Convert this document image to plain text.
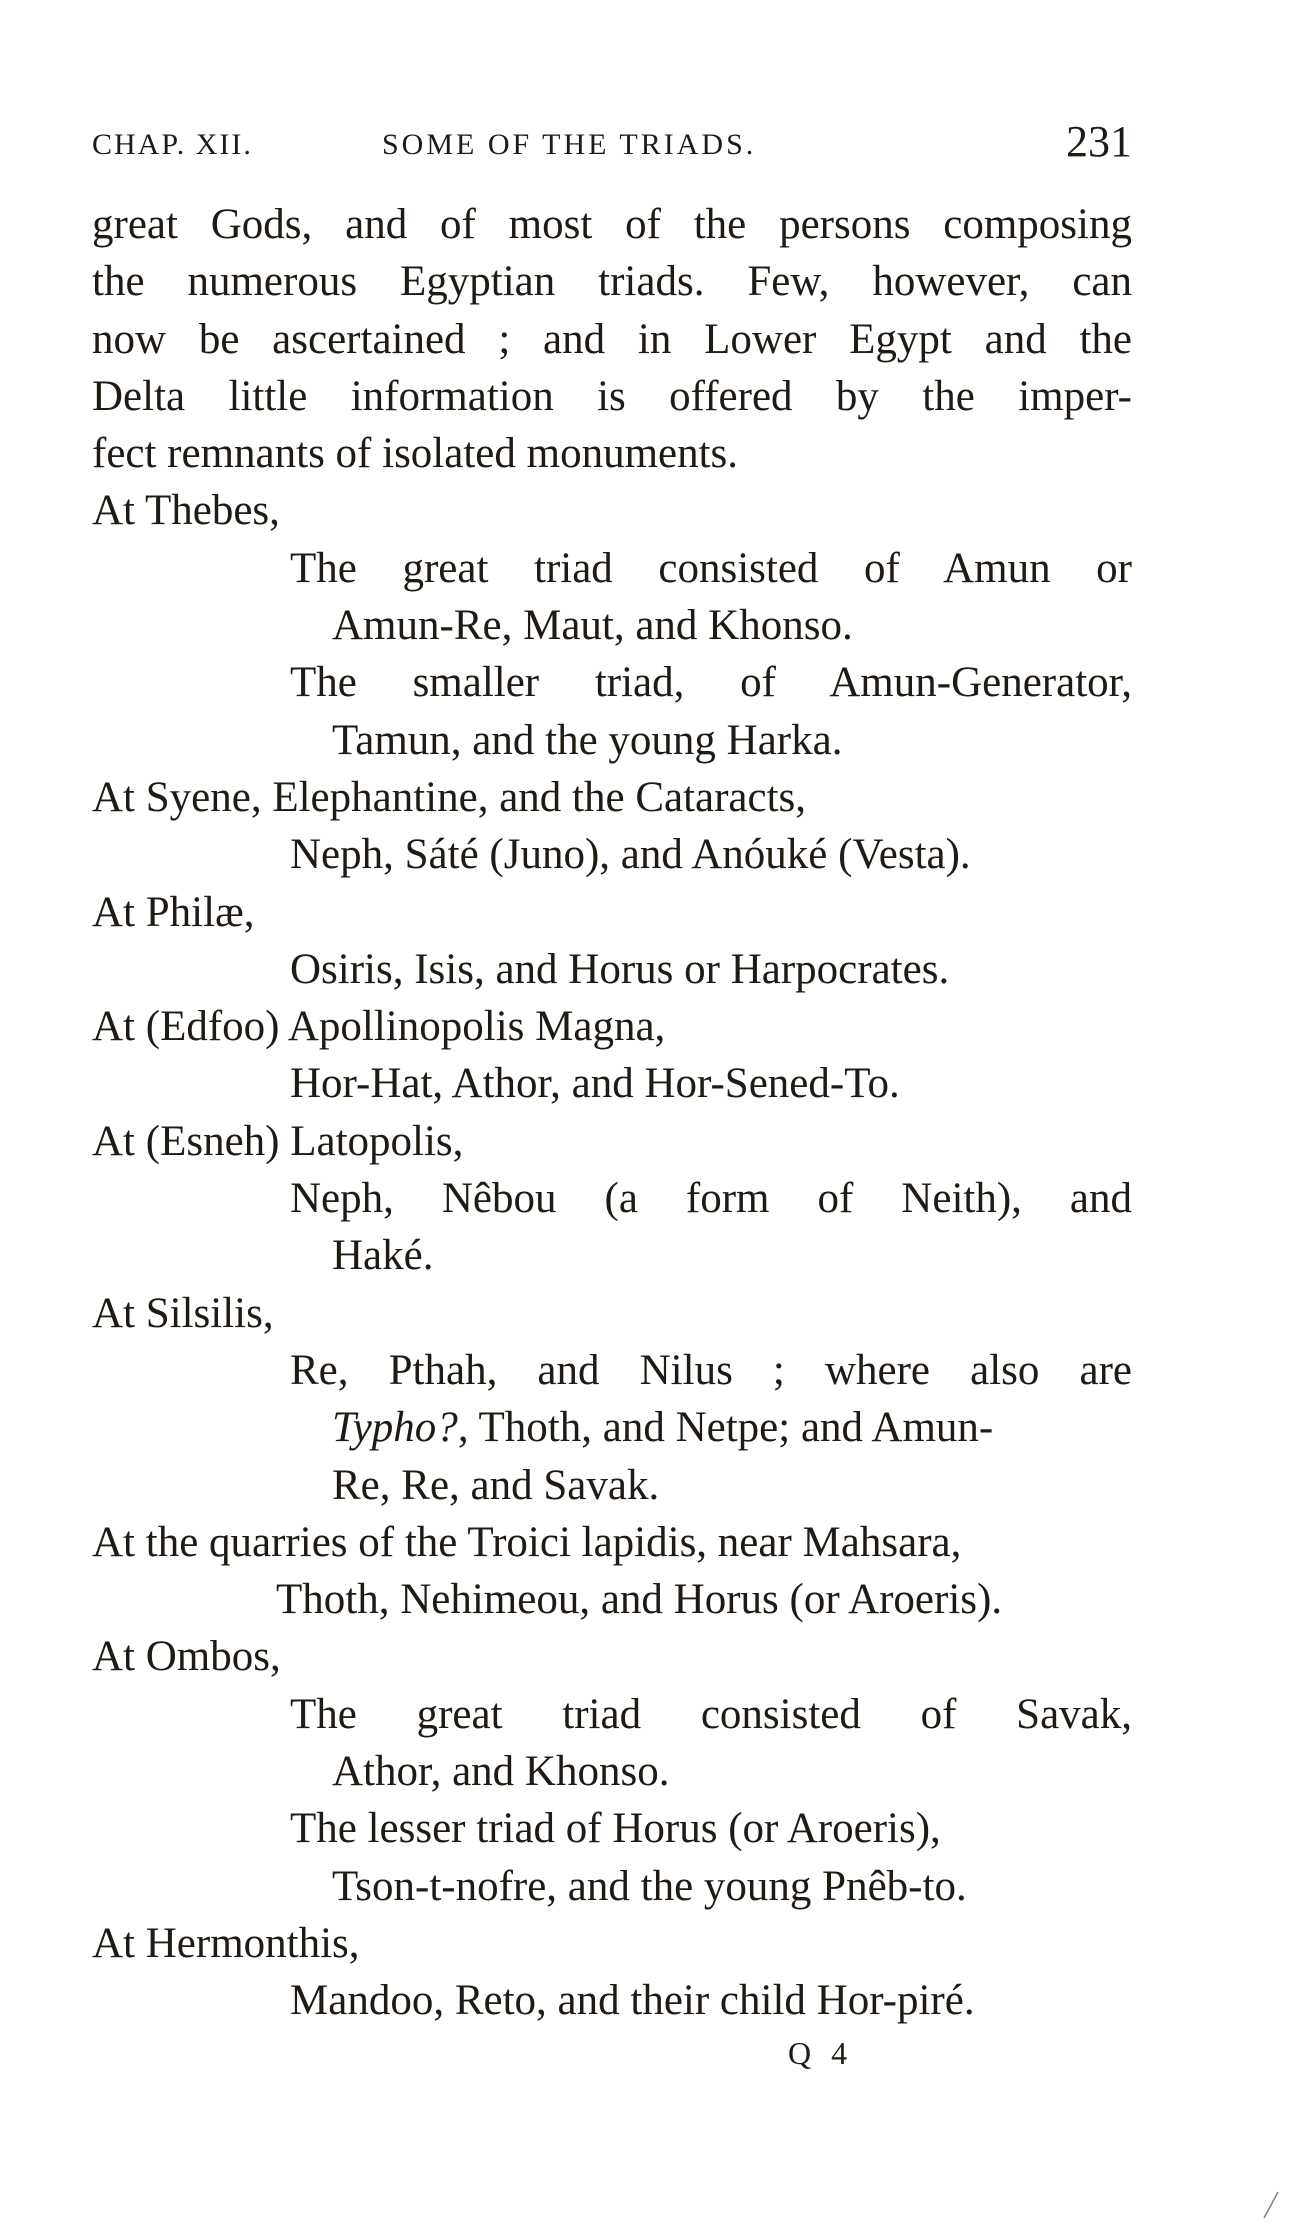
CHAP. XII.	SOME OF THE TRIADS.	231
great Gods, and of most of the persons composing
the numerous Egyptian triads. Few, however, can
now be ascertained ; and in Lower Egypt and the
Delta little information is offered by the imper-
fect remnants of isolated monuments.
At Thebes,
The great triad consisted of Amun or
Amun-Re, Maut, and Khonso.
The smaller triad, of Amun-Generator,
Tamun, and the young Harka.
At Syene, Elephantine, and the Cataracts,
Neph, Sáté (Juno), and Anóuké (Vesta).
At Philæ,
Osiris, Isis, and Horus or Harpocrates.
At (Edfoo) Apollinopolis Magna,
Hor-Hat, Athor, and Hor-Sened-To.
At (Esneh) Latopolis,
Neph, Nêbou (a form of Neith), and
Haké.
At Silsilis,
Re, Pthah, and Nilus ; where also are
Typho?, Thoth, and Netpe; and Amun-
Re, Re, and Savak.
At the quarries of the Troici lapidis, near Mahsara,
Thoth, Nehimeou, and Horus (or Aroeris).
At Ombos,
The great triad consisted of Savak,
Athor, and Khonso.
The lesser triad of Horus (or Aroeris),
Tson-t-nofre, and the young Pnêb-to.
At Hermonthis,
Mandoo, Reto, and their child Hor-piré.
Q 4
